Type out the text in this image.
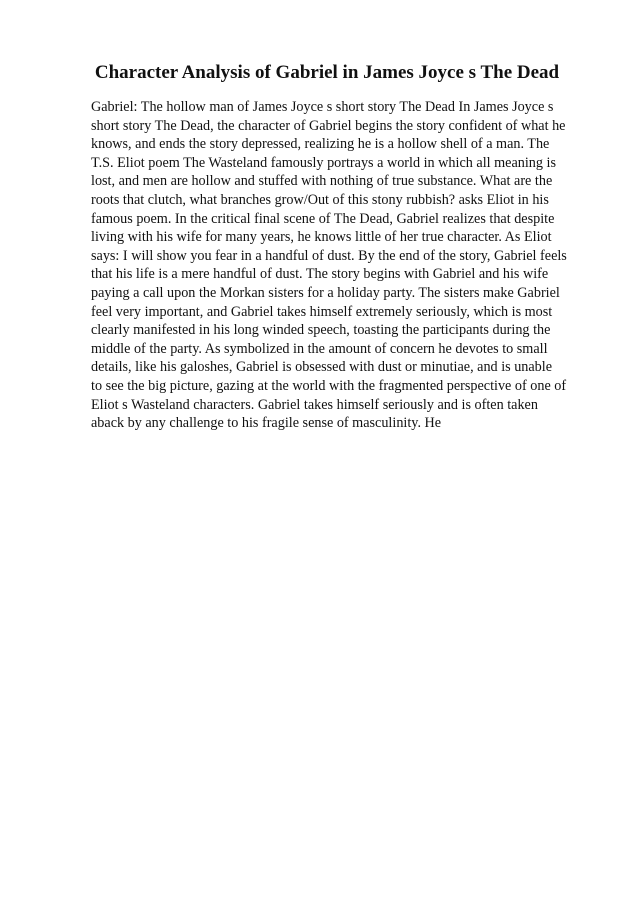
Character Analysis of Gabriel in James Joyce s The Dead
Gabriel: The hollow man of James Joyce s short story The Dead In James Joyce s
short story The Dead, the character of Gabriel begins the story confident of what he
knows, and ends the story depressed, realizing he is a hollow shell of a man. The
T.S. Eliot poem The Wasteland famously portrays a world in which all meaning is
lost, and men are hollow and stuffed with nothing of true substance. What are the
roots that clutch, what branches grow/Out of this stony rubbish? asks Eliot in his
famous poem. In the critical final scene of The Dead, Gabriel realizes that despite
living with his wife for many years, he knows little of her true character. As Eliot
says: I will show you fear in a handful of dust. By the end of the story, Gabriel feels
that his life is a mere handful of dust. The story begins with Gabriel and his wife
paying a call upon the Morkan sisters for a holiday party. The sisters make Gabriel
feel very important, and Gabriel takes himself extremely seriously, which is most
clearly manifested in his long winded speech, toasting the participants during the
middle of the party. As symbolized in the amount of concern he devotes to small
details, like his galoshes, Gabriel is obsessed with dust or minutiae, and is unable
to see the big picture, gazing at the world with the fragmented perspective of one of
Eliot s Wasteland characters. Gabriel takes himself seriously and is often taken
aback by any challenge to his fragile sense of masculinity. He
